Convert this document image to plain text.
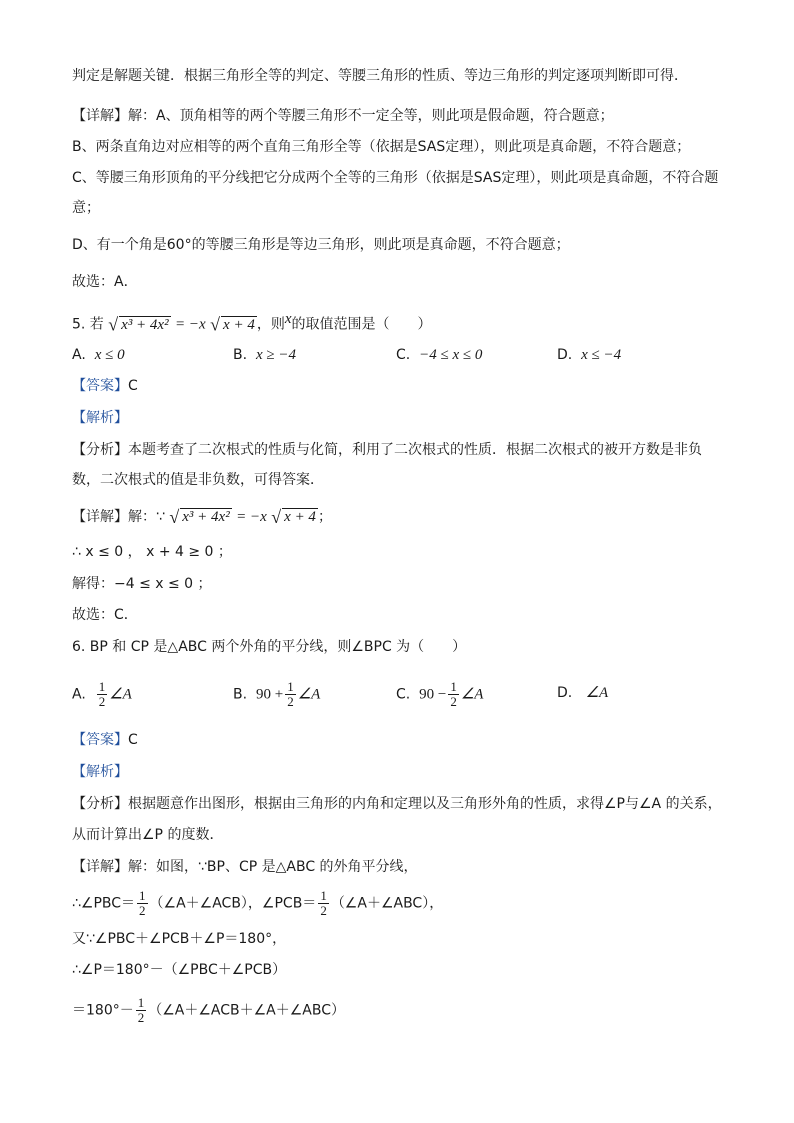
判定是解题关键．根据三角形全等的判定、等腰三角形的性质、等边三角形的判定逐项判断即可得．
【详解】解：A、顶角相等的两个等腰三角形不一定全等，则此项是假命题，符合题意；
B、两条直角边对应相等的两个直角三角形全等（依据是SAS定理），则此项是真命题，不符合题意；
C、等腰三角形顶角的平分线把它分成两个全等的三角形（依据是SAS定理），则此项是真命题，不符合题
意；
D、有一个角是60°的等腰三角形是等边三角形，则此项是真命题，不符合题意；
故选：A．
5. 若 √ x³ + 4x² = −x √ x + 4 ，则$^x$的取值范围是（　　）
A. x ≤ 0	B. x ≥ −4	C. −4 ≤ x ≤ 0	D. x ≤ −4
【答案】C
【解析】
【分析】本题考查了二次根式的性质与化简，利用了二次根式的性质．根据二次根式的被开方数是非负
数，二次根式的值是非负数，可得答案．
【详解】解：∵ √ x³ + 4x² = −x √ x + 4 ；
∴ x ≤ 0 ， x + 4 ≥ 0 ；
解得：−4 ≤ x ≤ 0 ；
故选：C．
6. BP 和 CP 是△ABC 两个外角的平分线，则∠BPC 为（　　）
A. $\frac{1}{2}$ ∠A	B. $90 + \frac{1}{2}$ ∠A	C. $90 - \frac{1}{2}$ ∠A	D. ∠A
【答案】C
【解析】
【分析】根据题意作出图形，根据由三角形的内角和定理以及三角形外角的性质，求得∠P与∠A 的关系，
从而计算出∠P 的度数．
【详解】解：如图，∵BP、CP 是△ABC 的外角平分线，
∴∠PBC＝ $\frac{1}{2}$ （∠A＋∠ACB），∠PCB＝ $\frac{1}{2}$ （∠A＋∠ABC），
又∵∠PBC＋∠PCB＋∠P＝180°，
∴∠P＝180°－（∠PBC＋∠PCB）
$=180^\circ- \frac{1}{2}$ （∠A＋∠ACB＋∠A＋∠ABC）
